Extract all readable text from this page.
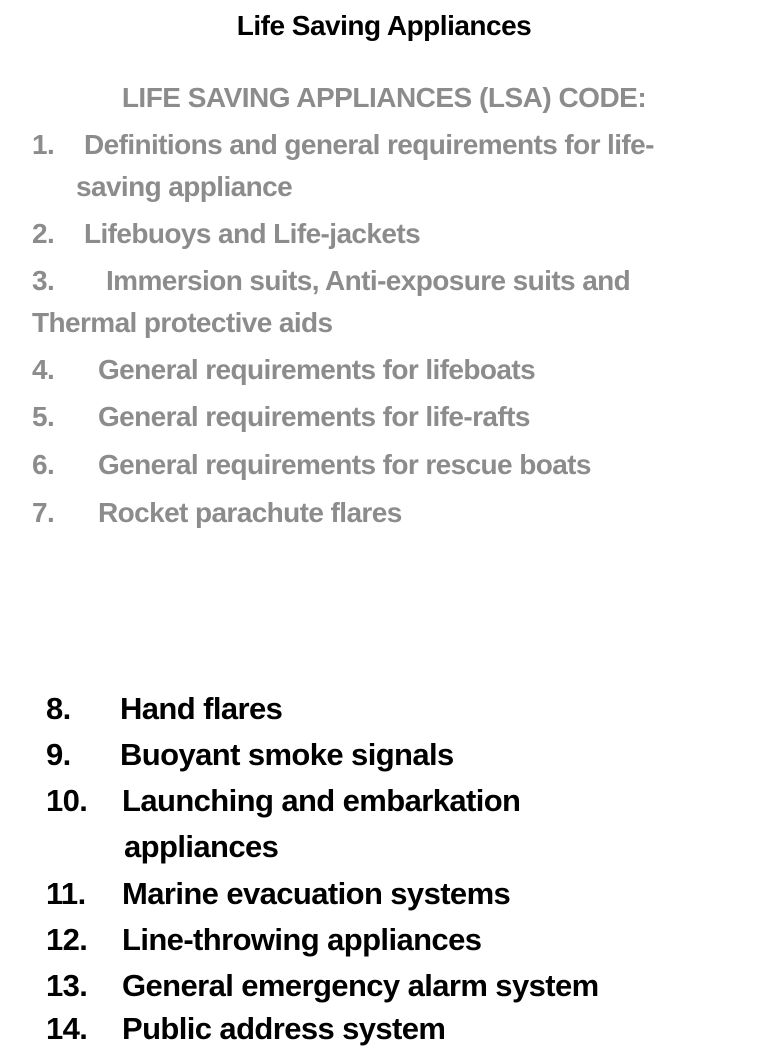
Life Saving Appliances
LIFE SAVING APPLIANCES (LSA) CODE:
1. Definitions and general requirements for life-
saving appliance
2. Lifebuoys and Life-jackets
3. Immersion suits, Anti-exposure suits and
Thermal protective aids
4. General requirements for lifeboats
5. General requirements for life-rafts
6. General requirements for rescue boats
7. Rocket parachute flares
8. Hand flares
9. Buoyant smoke signals
10. Launching and embarkation
appliances
11. Marine evacuation systems
12. Line-throwing appliances
13. General emergency alarm system
14. Public address system
